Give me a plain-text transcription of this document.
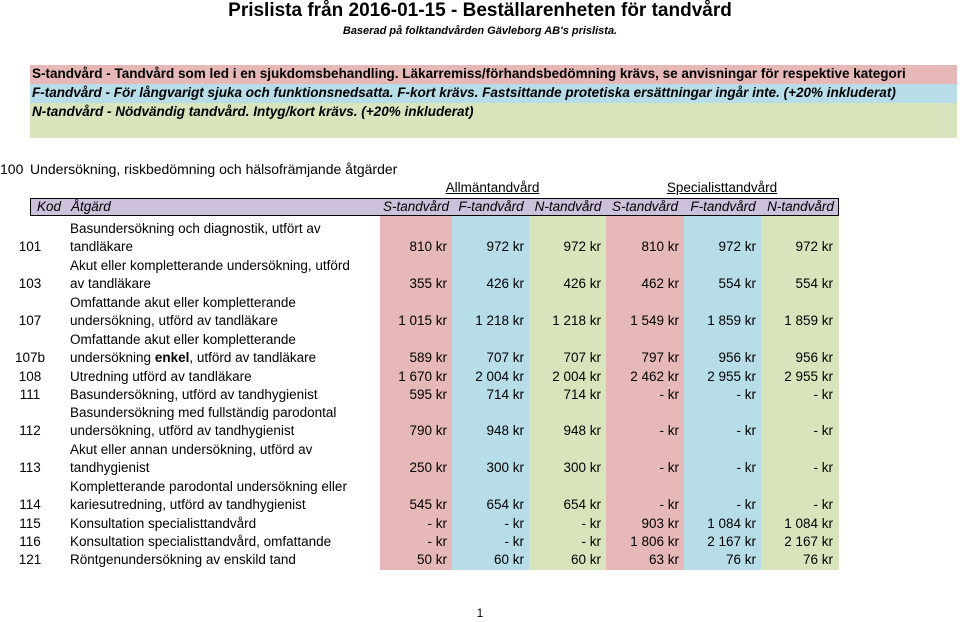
Prislista från 2016-01-15 - Beställarenheten för tandvård
Baserad på folktandvården Gävleborg AB's prislista.
S-tandvård - Tandvård som led i en sjukdomsbehandling. Läkarremiss/förhandsbedömning krävs, se anvisningar för respektive kategori
F-tandvård - För långvarigt sjuka och funktionsnedsatta. F-kort krävs. Fastsittande protetiska ersättningar ingår inte. (+20% inkluderat)
N-tandvård - Nödvändig tandvård. Intyg/kort krävs. (+20% inkluderat)
100 Undersökning, riskbedömning och hälsofrämjande åtgärder
Allmäntandvård	Specialisttandvård
Kod Åtgärd	S-tandvård F-tandvård N-tandvård S-tandvård F-tandvård N-tandvård
101
Basundersökning och diagnostik, utfört av
tandläkare	810 kr	972 kr	972 kr	810 kr	972 kr	972 kr
103
Akut eller kompletterande undersökning, utförd
av tandläkare	355 kr	426 kr	426 kr	462 kr	554 kr	554 kr
107
Omfattande akut eller kompletterande
undersökning, utförd av tandläkare	1 015 kr 1 218 kr 1 218 kr 1 549 kr 1 859 kr 1 859 kr
107b
Omfattande akut eller kompletterande
undersökning enkel, utförd av tandläkare	589 kr	707 kr	707 kr	797 kr	956 kr	956 kr
108	Utredning utförd av tandläkare	1 670 kr 2 004 kr 2 004 kr 2 462 kr 2 955 kr 2 955 kr
111	Basundersökning, utförd av tandhygienist	595 kr	714 kr	714 kr	- kr	- kr	- kr
112
Basundersökning med fullständig parodontal
undersökning, utförd av tandhygienist	790 kr	948 kr	948 kr	- kr	- kr	- kr
113
Akut eller annan undersökning, utförd av
tandhygienist	250 kr	300 kr	300 kr	- kr	- kr	- kr
114
Kompletterande parodontal undersökning eller
kariesutredning, utförd av tandhygienist	545 kr	654 kr	654 kr	- kr	- kr	- kr
115	Konsultation specialisttandvård	- kr	- kr	- kr	903 kr 1 084 kr 1 084 kr
116	Konsultation specialisttandvård, omfattande	- kr	- kr	- kr 1 806 kr 2 167 kr 2 167 kr
121	Röntgenundersökning av enskild tand	50 kr	60 kr	60 kr	63 kr	76 kr	76 kr
1
